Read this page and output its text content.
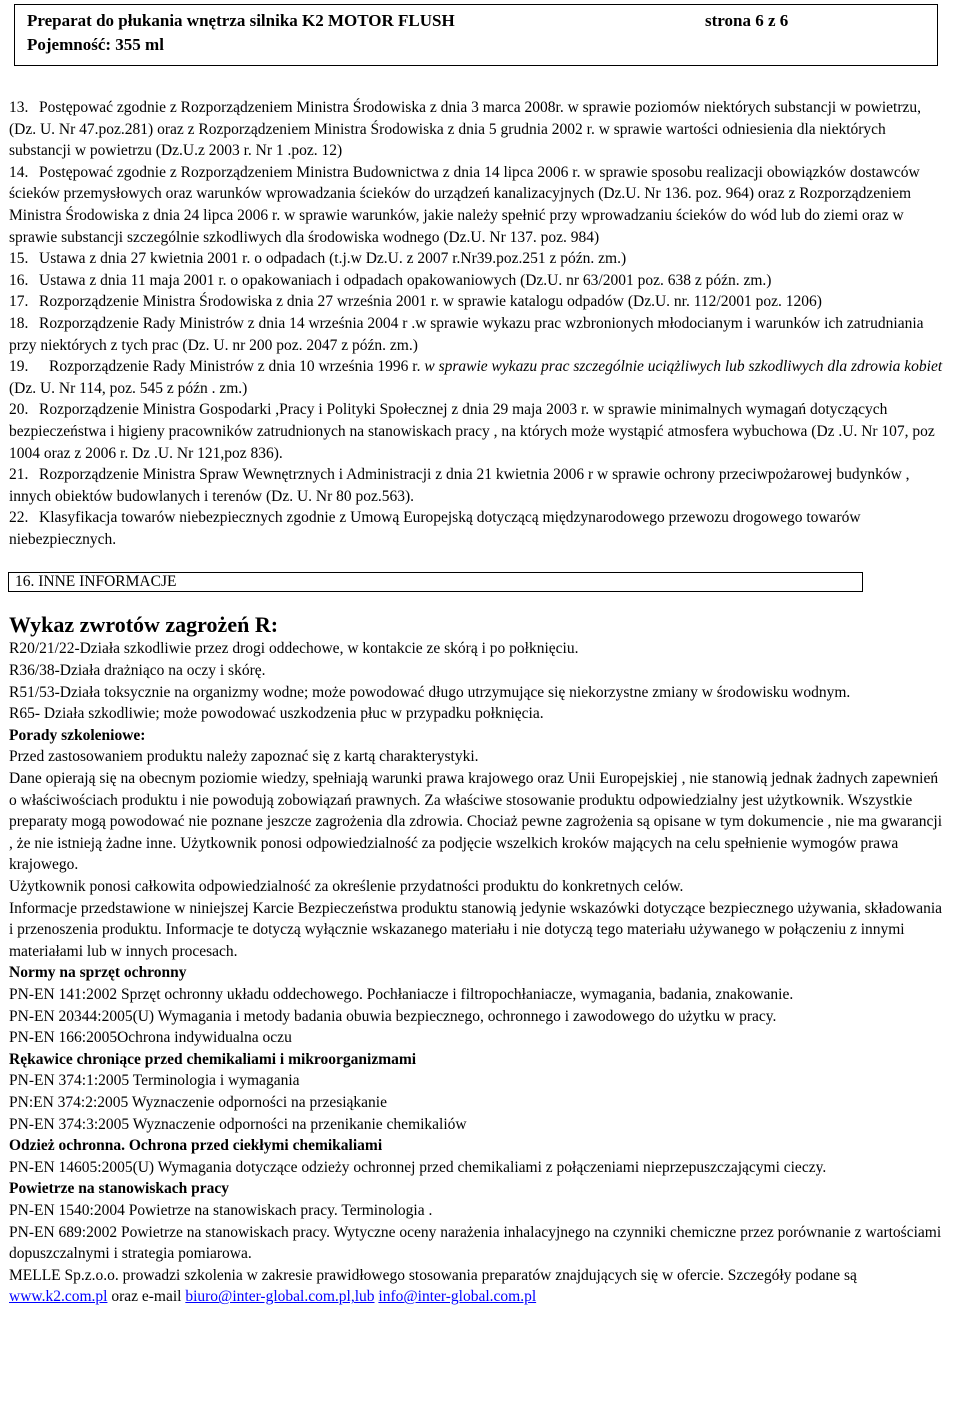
Preparat do płukania wnętrza silnika K2 MOTOR FLUSH	strona 6 z 6
Pojemność: 355 ml

13. Postępować zgodnie z Rozporządzeniem Ministra Środowiska z dnia 3 marca 2008r. w sprawie poziomów niektórych substancji w powietrzu, (Dz. U. Nr 47.poz.281) oraz z Rozporządzeniem Ministra Środowiska z dnia 5 grudnia 2002 r. w sprawie wartości odniesienia dla niektórych substancji w powietrzu (Dz.U.z 2003 r. Nr 1 .poz. 12)

14. Postępować zgodnie z Rozporządzeniem Ministra Budownictwa z dnia 14 lipca 2006 r. w sprawie sposobu realizacji obowiązków dostawców ścieków przemysłowych oraz warunków wprowadzania ścieków do urządzeń kanalizacyjnych (Dz.U. Nr 136. poz. 964) oraz z Rozporządzeniem Ministra Środowiska z dnia 24 lipca 2006 r. w sprawie warunków, jakie należy spełnić przy wprowadzaniu ścieków do wód lub do ziemi oraz w sprawie substancji szczególnie szkodliwych dla środowiska wodnego (Dz.U. Nr 137. poz. 984)

15. Ustawa z dnia 27 kwietnia 2001 r. o odpadach (t.j.w Dz.U. z 2007 r.Nr39.poz.251 z późn. zm.)

16. Ustawa z dnia 11 maja 2001 r. o opakowaniach i odpadach opakowaniowych (Dz.U. nr 63/2001 poz. 638 z późn. zm.)

17. Rozporządzenie Ministra Środowiska z dnia 27 września 2001 r. w sprawie katalogu odpadów (Dz.U. nr. 112/2001 poz. 1206)

18. Rozporządzenie Rady Ministrów z dnia 14 września 2004 r .w sprawie wykazu prac wzbronionych młodocianym i warunków ich zatrudniania przy niektórych z tych prac (Dz. U. nr 200 poz. 2047 z późn. zm.)

19. Rozporządzenie Rady Ministrów z dnia 10 września 1996 r. w sprawie wykazu prac szczególnie uciążliwych lub szkodliwych dla zdrowia kobiet (Dz. U. Nr 114, poz. 545 z późn . zm.)

20. Rozporządzenie Ministra Gospodarki ,Pracy i Polityki Społecznej z dnia 29 maja 2003 r. w sprawie minimalnych wymagań dotyczących bezpieczeństwa i higieny pracowników zatrudnionych na stanowiskach pracy , na których może wystąpić atmosfera wybuchowa (Dz .U. Nr 107, poz 1004 oraz z 2006 r. Dz .U. Nr 121,poz 836).

21. Rozporządzenie Ministra Spraw Wewnętrznych i Administracji z dnia 21 kwietnia 2006 r w sprawie ochrony przeciwpożarowej budynków , innych obiektów budowlanych i terenów (Dz. U. Nr 80 poz.563).

22. Klasyfikacja towarów niebezpiecznych zgodnie z Umową Europejską dotyczącą międzynarodowego przewozu drogowego towarów niebezpiecznych.

16. INNE INFORMACJE

Wykaz zwrotów zagrożeń R:

R20/21/22-Działa szkodliwie przez drogi oddechowe, w kontakcie ze skórą i po połknięciu.

R36/38-Działa drażniąco na oczy i skórę.

R51/53-Działa toksycznie na organizmy wodne; może powodować długo utrzymujące się niekorzystne zmiany w środowisku wodnym.

R65- Działa szkodliwie; może powodować uszkodzenia płuc w przypadku połknięcia.

Porady szkoleniowe:

Przed zastosowaniem produktu należy zapoznać się z kartą charakterystyki.

Dane opierają się na obecnym poziomie wiedzy, spełniają warunki prawa krajowego oraz Unii Europejskiej , nie stanowią jednak żadnych zapewnień o właściwościach produktu i nie powodują zobowiązań prawnych. Za właściwe stosowanie produktu odpowiedzialny jest użytkownik. Wszystkie preparaty mogą powodować nie poznane jeszcze zagrożenia dla zdrowia. Chociaż pewne zagrożenia są opisane w tym dokumencie , nie ma gwarancji , że nie istnieją żadne inne. Użytkownik ponosi odpowiedzialność za podjęcie wszelkich kroków mających na celu spełnienie wymogów prawa krajowego.

Użytkownik ponosi całkowita odpowiedzialność za określenie przydatności produktu do konkretnych celów.

Informacje przedstawione w niniejszej Karcie Bezpieczeństwa produktu stanowią jedynie wskazówki dotyczące bezpiecznego używania, składowania i przenoszenia produktu. Informacje te dotyczą wyłącznie wskazanego materiału i nie dotyczą tego materiału używanego w połączeniu z innymi materiałami lub w innych procesach.

Normy na sprzęt ochronny

PN-EN 141:2002 Sprzęt ochronny układu oddechowego. Pochłaniacze i filtropochłaniacze, wymagania, badania, znakowanie.

PN-EN 20344:2005(U) Wymagania i metody badania obuwia bezpiecznego, ochronnego i zawodowego do użytku w pracy.

PN-EN 166:2005Ochrona indywidualna oczu

Rękawice chroniące przed chemikaliami i mikroorganizmami

PN-EN 374:1:2005 Terminologia i wymagania

PN:EN 374:2:2005 Wyznaczenie odporności na przesiąkanie

PN-EN 374:3:2005 Wyznaczenie odporności na przenikanie chemikaliów

Odzież ochronna. Ochrona przed ciekłymi chemikaliami

PN-EN 14605:2005(U) Wymagania dotyczące odzieży ochronnej przed chemikaliami z połączeniami nieprzepuszczającymi cieczy.

Powietrze na stanowiskach pracy

PN-EN 1540:2004 Powietrze na stanowiskach pracy. Terminologia .

PN-EN 689:2002 Powietrze na stanowiskach pracy. Wytyczne oceny narażenia inhalacyjnego na czynniki chemiczne przez porównanie z wartościami dopuszczalnymi i strategia pomiarowa.

MELLE Sp.z.o.o. prowadzi szkolenia w zakresie prawidłowego stosowania preparatów znajdujących się w ofercie. Szczegóły podane są www.k2.com.pl oraz e-mail biuro@inter-global.com.pl,lub info@inter-global.com.pl
